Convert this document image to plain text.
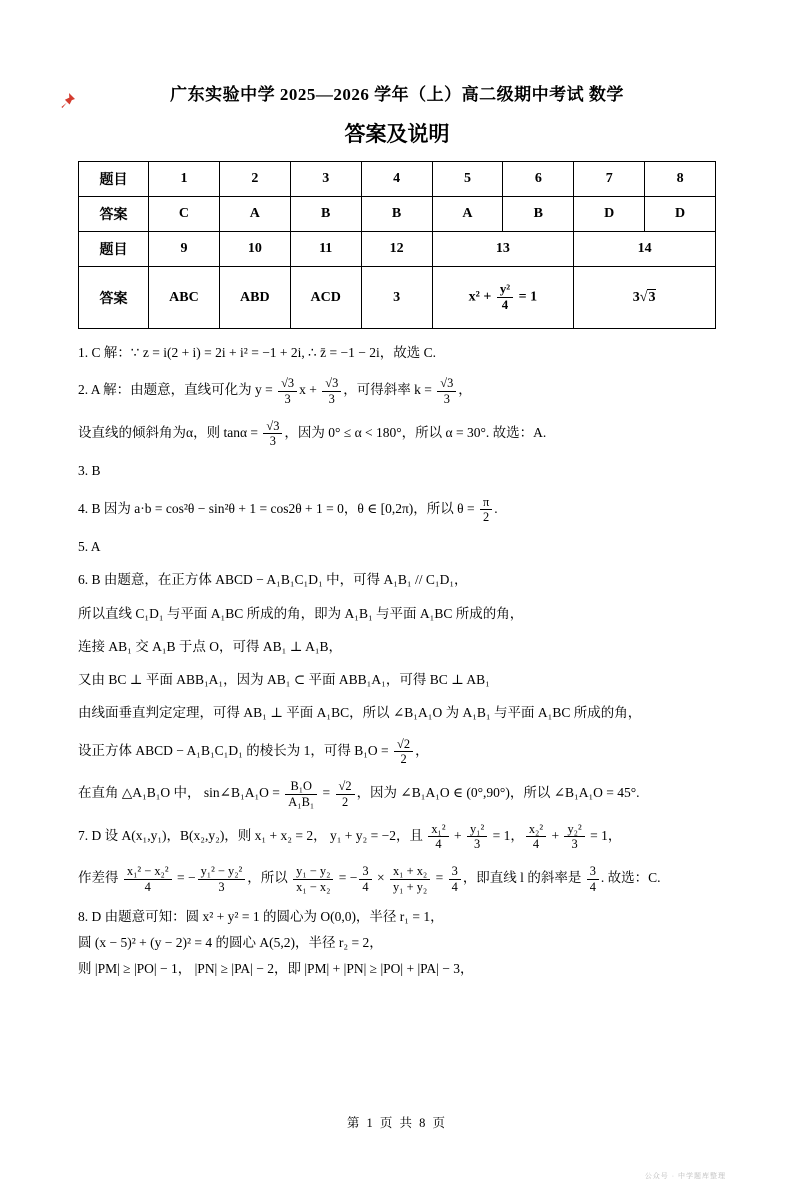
广东实验中学 2025—2026 学年（上）高二级期中考试 数学
答案及说明
题目	1	2	3	4	5	6	7	8
答案	C	A	B	B	A	B	D	D
题目	9	10	11	12	13		14	
答案	ABC	ABD	ACD	3	$x^2 + \frac{\text{y²}}{4} = 1$		3√3	
1. C 解：∵ z = i(2 + i) = 2i + i² = −1 + 2i, ∴ z̄ = −1 − 2i，故选 C.
2. A 解：由题意，直线可化为 $y = \frac{√3}{3}$ $x + \frac{√3}{3}$ ，可得斜率 $k = \frac{√3}{3}$ ，
设直线的倾斜角为α，则 $\tan\alpha = \frac{√3}{3}$ ，因为 0° ≤ α < 180°，所以 α = 30°. 故选：A.
3. B
4. B 因为 a·b = cos²θ − sin²θ + 1 = cos2θ + 1 = 0，θ ∈ [0,2π)，所以 $\theta = \frac{\pi}{2}$ .
5. A
6. B 由题意，在正方体 ABCD − A₁B₁C₁D₁ 中，可得 A₁B₁ // C₁D₁，
所以直线 C₁D₁ 与平面 A₁BC 所成的角，即为 A₁B₁ 与平面 A₁BC 所成的角，
连接 AB₁ 交 A₁B 于点 O，可得 AB₁ ⊥ A₁B，
又由 BC ⊥ 平面 ABB₁A₁，因为 AB₁ ⊂ 平面 ABB₁A₁，可得 BC ⊥ AB₁
由线面垂直判定定理，可得 AB₁ ⊥ 平面 A₁BC，所以 ∠B₁A₁O 为 A₁B₁ 与平面 A₁BC 所成的角，
设正方体 ABCD − A₁B₁C₁D₁ 的棱长为 1，可得 $B_1O = \frac{√2}{2}$ ，
在直角 △A₁B₁O 中， sin∠B₁A₁O = $\frac{\text{B₁O}}{\text{A₁B₁}} = \frac{√2}{2}$ ，因为 ∠B₁A₁O ∈ (0°,90°)，所以 ∠B₁A₁O = 45°.
7. D 设 A(x₁,y₁)，B(x₂,y₂)，则 x₁ + x₂ = 2， y₁ + y₂ = −2，且 $\frac{\text{x₁²}}{4} + \frac{\text{y₁²}}{3} = 1$， $\frac{\text{x₂²}}{4} + \frac{\text{y₂²}}{3} = 1$，
作差得 $\frac{\text{x₁² − x₂²}}{4}$ = − $\frac{\text{y₁² − y₂²}}{3}$ ，所以 $\frac{\text{y₁ − y₂}}{\text{x₁ − x₂}}$ = − $\frac{3}{4} \times \frac{\text{x₁ + x₂}}{\text{y₁ + y₂}} = \frac{3}{4}$ ，即直线 l 的斜率是 $\frac{3}{4}$ . 故选：C.
8. D 由题意可知：圆 x² + y² = 1 的圆心为 O(0,0)，半径 r₁ = 1，
圆 (x − 5)² + (y − 2)² = 4 的圆心 A(5,2)，半径 r₂ = 2，
则 |PM| ≥ |PO| − 1， |PN| ≥ |PA| − 2，即 |PM| + |PN| ≥ |PO| + |PA| − 3，
第 1 页 共 8 页
公众号 · 中学题库整理
